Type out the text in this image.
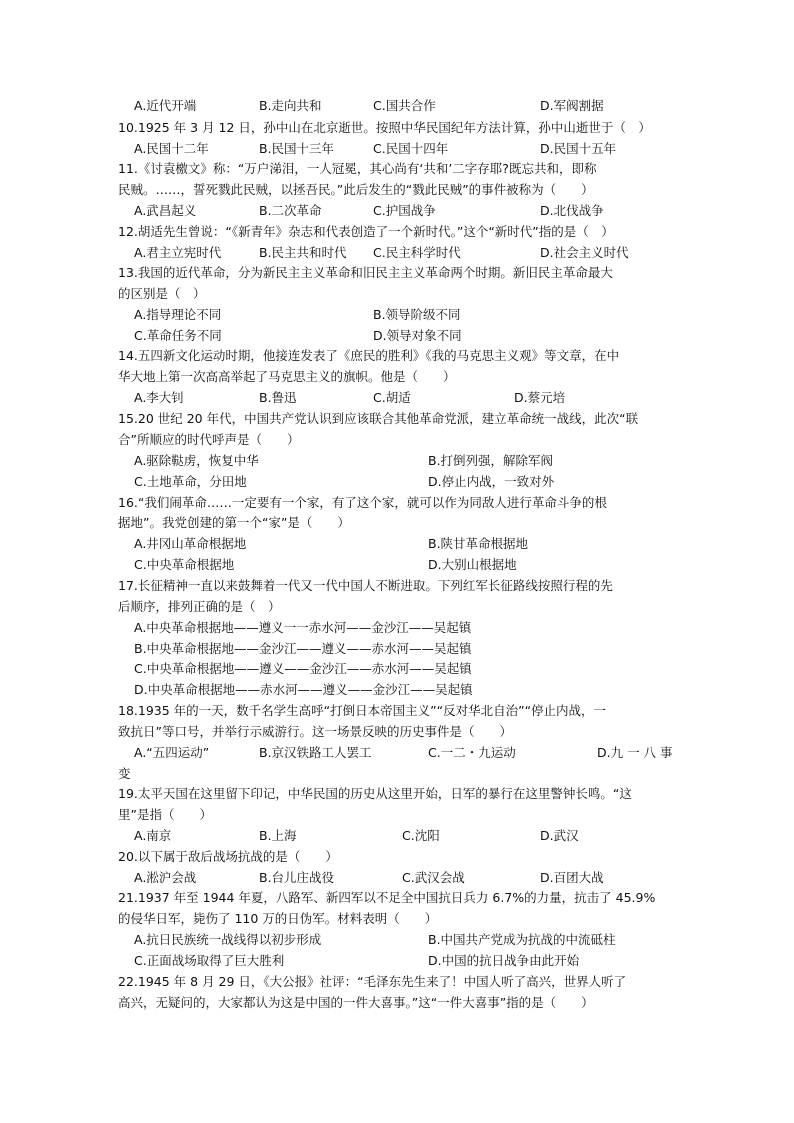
A.近代开端	B.走向共和	C.国共合作	D.军阀割据
10.1925 年 3 月 12 日，孙中山在北京逝世。按照中华民国纪年方法计算，孙中山逝世于（　）
A.民国十二年	B.民国十三年	C.民国十四年	D.民国十五年
11.《讨袁檄文》称：“万户涕泪，一人冠冕，其心尚有‘共和’二字存耶?既忘共和，即称
民贼。……，誓死戮此民贼，以拯吾民。”此后发生的“戮此民贼”的事件被称为（　　）
A.武昌起义	B.二次革命	C.护国战争	D.北伐战争
12.胡适先生曾说：“《新青年》杂志和代表创造了一个新时代。”这个“新时代”指的是（　）
A.君主立宪时代	B.民主共和时代 C.民主科学时代	D.社会主义时代
13.我国的近代革命，分为新民主主义革命和旧民主主义革命两个时期。新旧民主革命最大
的区别是（　）
A.指导理论不同	B.领导阶级不同
C.革命任务不同	D.领导对象不同
14.五四新文化运动时期，他接连发表了《庶民的胜利》《我的马克思主义观》等文章，在中
华大地上第一次高高举起了马克思主义的旗帜。他是（　　）
A.李大钊	B.鲁迅	C.胡适	D.蔡元培
15.20 世纪 20 年代，中国共产党认识到应该联合其他革命党派，建立革命统一战线，此次“联
合”所顺应的时代呼声是（　　）
A.驱除鞑虏，恢复中华	B.打倒列强，解除军阀
C.土地革命，分田地	D.停止内战，一致对外
16.“我们闹革命……一定要有一个家，有了这个家，就可以作为同敌人进行革命斗争的根
据地”。我党创建的第一个“家”是（　　）
A.井冈山革命根据地	B.陕甘革命根据地
C.中央革命根据地	D.大别山根据地
17.长征精神一直以来鼓舞着一代又一代中国人不断进取。下列红军长征路线按照行程的先
后顺序，排列正确的是（　）
A.中央革命根据地——遵义一一赤水河——金沙江——吴起镇
B.中央革命根据地——金沙江——遵义——赤水河——吴起镇
C.中央革命根据地——遵义——金沙江——赤水河——吴起镇
D.中央革命根据地——赤水河——遵义——金沙江——吴起镇
18.1935 年的一天，数千名学生高呼“打倒日本帝国主义”“反对华北自治”“停止内战，一
致抗日”等口号，并举行示威游行。这一场景反映的历史事件是（　　）
A.“五四运动”	B.京汉铁路工人罢工	C.一二・九运动	D.九 一 八 事
变
19.太平天国在这里留下印记，中华民国的历史从这里开始，日军的暴行在这里警钟长鸣。“这
里”是指（　　）
A.南京	B.上海	C.沈阳	D.武汉
20.以下属于敌后战场抗战的是（　　）
A.淞沪会战	B.台儿庄战役	C.武汉会战	D.百团大战
21.1937 年至 1944 年夏，八路军、新四军以不足全中国抗日兵力 6.7%的力量，抗击了 45.9%
的侵华日军，毙伤了 110 万的日伪军。材料表明（　　）
A.抗日民族统一战线得以初步形成	B.中国共产党成为抗战的中流砥柱
C.正面战场取得了巨大胜利	D.中国的抗日战争由此开始
22.1945 年 8 月 29 日，《大公报》社评：“毛泽东先生来了！中国人听了高兴，世界人听了
高兴，无疑问的，大家都认为这是中国的一件大喜事。”这“一件大喜事”指的是（　　）
